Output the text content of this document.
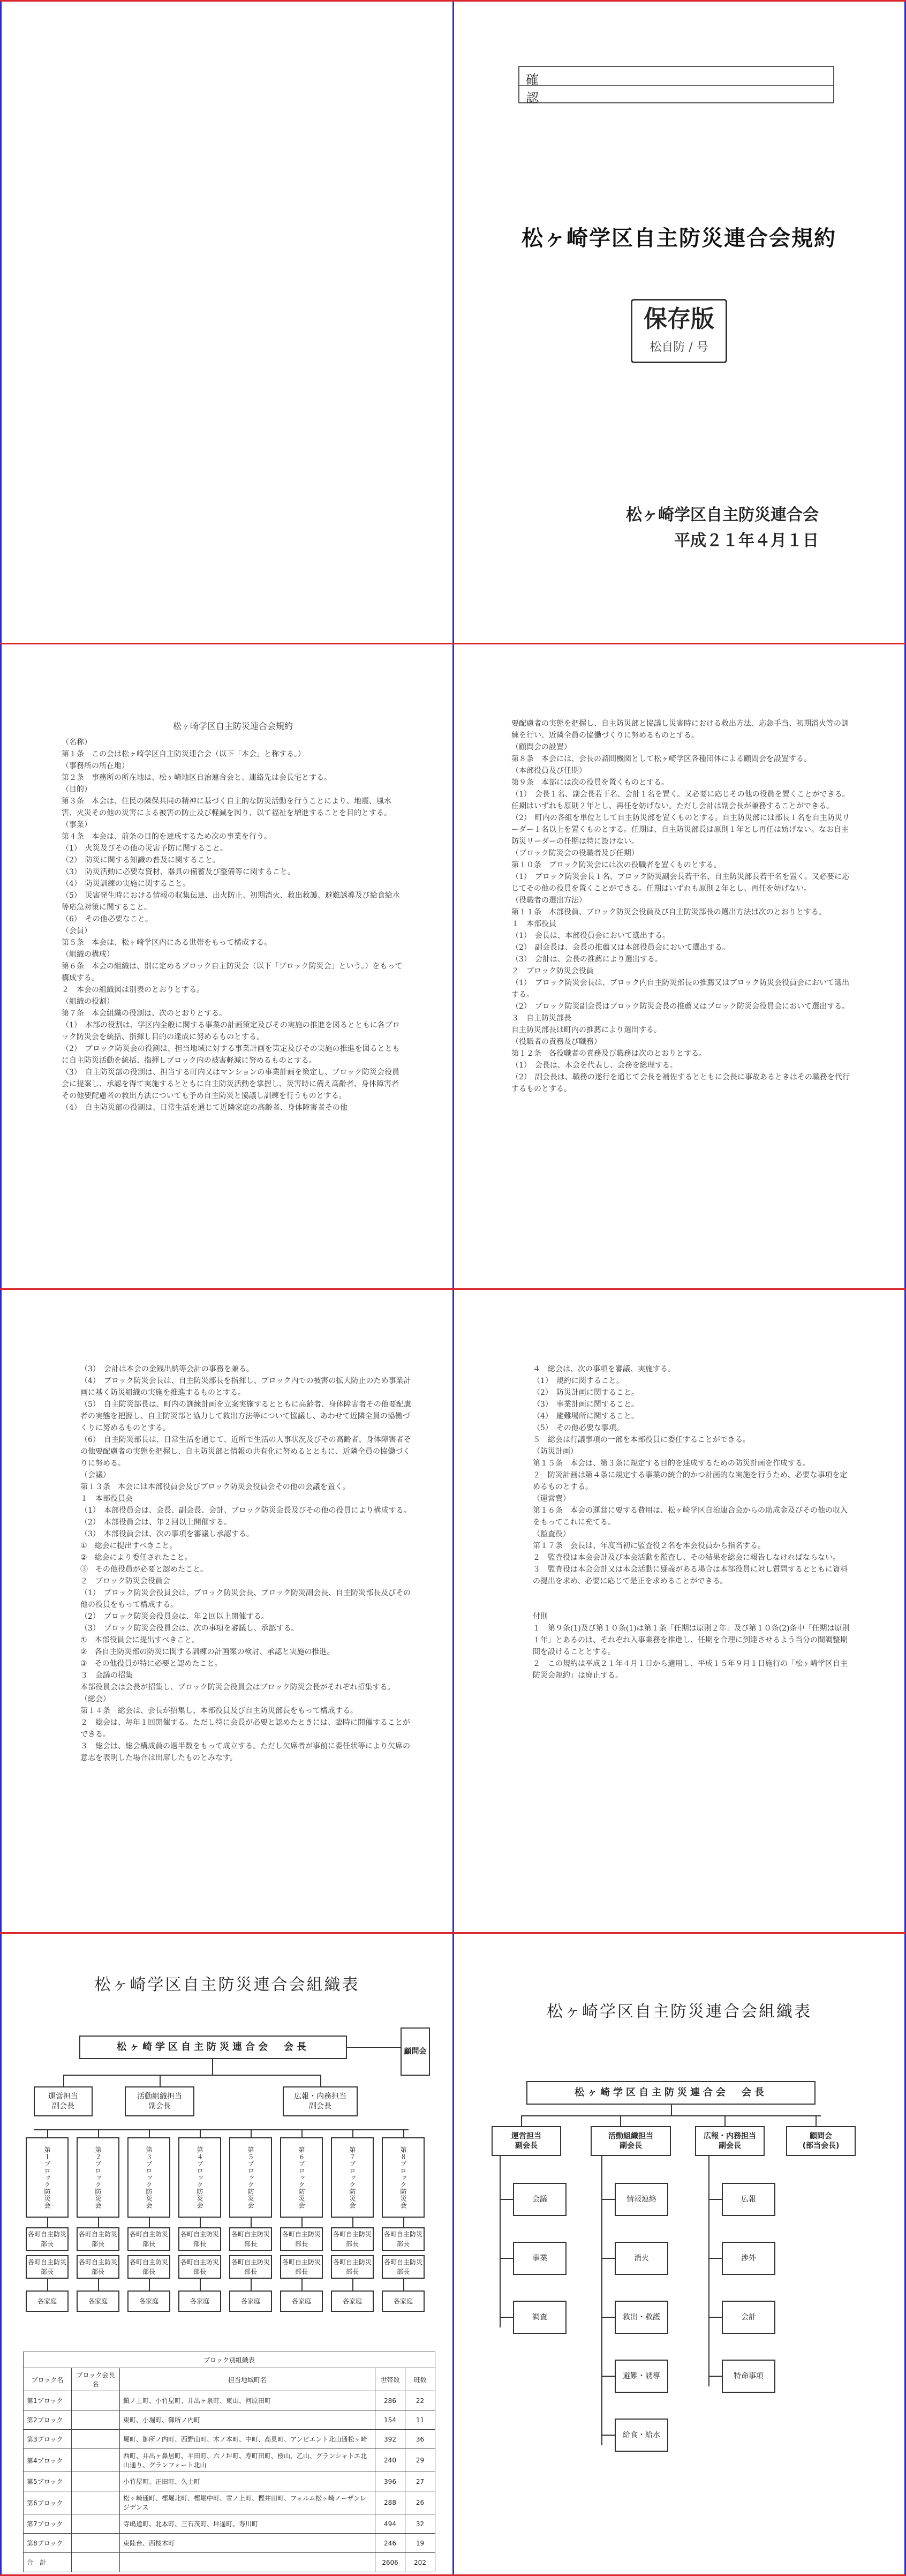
確
認
松ヶ崎学区自主防災連合会規約
保存版
松自防 / 号
松ヶ崎学区自主防災連合会
平成２１年４月１日
松ヶ崎学区自主防災連合会規約

（名称）
第１条　この会は松ヶ崎学区自主防災連合会（以下「本会」と称する。）
（事務所の所在地）
第２条　事務所の所在地は、松ヶ崎地区自治連合会と、連絡先は会長宅とする。
（目的）
第３条　本会は、住民の隣保共同の精神に基づく自主的な防災活動を行うことにより、地震、風水害、火災その他の災害による被害の防止及び軽減を図り、以て福祉を増進することを目的とする。
（事業）
第４条　本会は、前条の目的を達成するため次の事業を行う。
（1）　火災及びその他の災害予防に関すること。
（2）　防災に関する知識の普及に関すること。
（3）　防災活動に必要な資材、器具の備蓄及び整備等に関すること。
（4）　防災訓練の実施に関すること。
（5）　災害発生時における情報の収集伝達、出火防止、初期消火、救出救護、避難誘導及び給食給水等応急対策に関すること。
（6）　その他必要なこと。
（会員）
第５条　本会は、松ヶ崎学区内にある世帯をもって構成する。
（組織の構成）
第６条　本会の組織は、別に定めるブロック自主防災会（以下「ブロック防災会」という。）をもって構成する。
２　本会の組織図は別表のとおりとする。
（組織の役割）
第７条　本会組織の役割は、次のとおりとする。
（1）　本部の役割は、学区内全般に関する事業の計画策定及びその実施の推進を図るとともに各ブロック防災会を統括、指揮し目的の達成に努めるものとする。
（2）　ブロック防災会の役割は、担当地域に対する事業計画を策定及びその実施の推進を図るとともに自主防災活動を統括、指揮しブロック内の被害軽減に努めるものとする。
（3）　自主防災部の役割は、担当する町内又はマンションの事業計画を策定し、ブロック防災会役員会に提案し、承認を得て実施するとともに自主防災活動を掌握し、災害時に備え高齢者、身体障害者その他要配慮者の救出方法についても予め自主防災と協議し訓練を行うものとする。
（4）　自主防災部の役割は、日常生活を通じて近隣家庭の高齢者、身体障害者その他

要配慮者の実態を把握し、自主防災部と協議し災害時における救出方法、応急手当、初期消火等の訓練を行い、近隣全員の協働づくりに努めるものとする。
（顧問会の設置）
第８条　本会には、会長の諮問機関として松ヶ崎学区各種団体による顧問会を設置する。
（本部役員及び任期）
第９条　本部には次の役員を置くものとする。
（1）　会長１名、副会長若干名、会計１名を置く。又必要に応じその他の役員を置くことができる。任期はいずれも原則２年とし、再任を妨げない。ただし会計は副会長が兼務することができる。
（2）　町内の各組を単位として自主防災部を置くものとする。自主防災部には部長１名を自主防災リーダー１名以上を置くものとする。任期は、自主防災部長は原則１年とし再任は妨げない。なお自主防災リーダーの任期は特に設けない。
（ブロック防災会の役職者及び任期）
第１０条　ブロック防災会には次の役職者を置くものとする。
（1）　ブロック防災会長１名、ブロック防災副会長若干名、自主防災部長若干名を置く。又必要に応じてその他の役員を置くことができる。任期はいずれも原則２年とし、再任を妨げない。
（役職者の選出方法）
第１１条　本部役員、ブロック防災会役員及び自主防災部長の選出方法は次のとおりとする。
１　本部役員
（1）　会長は、本部役員会において選出する。
（2）　副会長は、会長の推薦又は本部役員会において選出する。
（3）　会計は、会長の推薦により選出する。
２　ブロック防災会役員
（1）　ブロック防災会長は、ブロック内自主防災部長の推薦又はブロック防災会役員会において選出する。
（2）　ブロック防災副会長はブロック防災会長の推薦又はブロック防災会役員会において選出する。
３　自主防災部長
自主防災部長は町内の推薦により選出する。
（役職者の責務及び職務）
第１２条　各役職者の責務及び職務は次のとおりとする。
（1）　会長は、本会を代表し、会務を総理する。
（2）　副会長は、職務の遂行を通じて会長を補佐するとともに会長に事故あるときはその職務を代行するものとする。

（3）　会計は本会の金銭出納等会計の事務を兼る。
（4）　ブロック防災会長は、自主防災部長を指揮し、ブロック内での被害の拡大防止のため事業計画に基く防災組織の実施を推進するものとする。
（5）　自主防災部長は、町内の訓練計画を立案実施するとともに高齢者、身体障害者その他要配慮者の実態を把握し、自主防災部と協力して救出方法等について協議し、あわせて近隣全員の協働づくりに努めるものとする。
（6）　自主防災部長は、日常生活を通じて、近所で生活の人事状況及びその高齢者、身体障害者その他要配慮者の実態を把握し、自主防災部と情報の共有化に努めるとともに、近隣全員の協働づくりに努める。
（会議）
第１３条　本会には本部役員会及びブロック防災会役員会その他の会議を置く。
１　本部役員会
（1）　本部役員会は、会長、副会長、会計、ブロック防災会長及びその他の役員により構成する。
（2）　本部役員会は、年２回以上開催する。
（3）　本部役員会は、次の事項を審議し承認する。
①　総会に提出すべきこと。
②　総会により委任されたこと。
③　その他役員が必要と認めたこと。
２　ブロック防災会役員会
（1）　ブロック防災会役員会は、ブロック防災会長、ブロック防災副会長、自主防災部長及びその他の役員をもって構成する。
（2）　ブロック防災会役員会は、年２回以上開催する。
（3）　ブロック防災会役員会は、次の事項を審議し、承認する。
①　本部役員会に提出すべきこと。
②　各自主防災部の防災に関する訓練の計画案の検討、承認と実施の推進。
③　その他役員が特に必要と認めたこと。
３　会議の招集
本部役員会は会長が招集し、ブロック防災会役員会はブロック防災会長がそれぞれ招集する。
（総会）
第１４条　総会は、会長が招集し、本部役員及び自主防災部長をもって構成する。
２　総会は、毎年１回開催する。ただし特に会長が必要と認めたときには、臨時に開催することができる。
３　総会は、総会構成員の過半数をもって成立する。ただし欠席者が事前に委任状等により欠席の意志を表明した場合は出席したものとみなす。

４　総会は、次の事項を審議、実施する。
（1）　規約に関すること。
（2）　防災計画に関すること。
（3）　事業計画に関すること。
（4）　避難場所に関すること。
（5）　その他必要な事項。
５　総会は行議事項の一部を本部役員に委任することができる。
（防災計画）
第１５条　本会は、第３条に規定する目的を達成するための防災計画を作成する。
２　防災計画は第４条に規定する事業の統合的かつ計画的な実施を行うため、必要な事項を定めるものとする。
（運営費）
第１６条　本会の運営に要する費用は、松ヶ崎学区自治連合会からの助成金及びその他の収入をもってこれに充てる。
（監査役）
第１７条　会長は、年度当初に監査役２名を本会役員から指名する。
２　監査役は本会会計及び本会活動を監査し、その結果を総会に報告しなければならない。
３　監査役は本会会計又は本会活動に疑義がある場合は本部役員に対し質問するとともに資料の提出を求め、必要に応じて是正を求めることができる。

付則
１　第９条(1)及び第１０条(1)は第１条「任期は原則２年」及び第１０条(2)条中「任期は原則１年」とあるのは、それぞれ入事業務を推進し、任期を合理に到達させるよう当分の間調整期間を設けることとする。
２　この規約は平成２１年４月１日から適用し、平成１５年９月１日施行の「松ヶ崎学区自主防災会規約」は廃止する。

松ヶ崎学区自主防災連合会組織表
松ヶ崎学区自主防災連合会　会長	顧問会
運営担当
副会長
活動組織担当
副会長
広報・内務担当
副会長
第１ブロック防災会
各町自主防災部長
各町自主防災部長
各家庭
第２ブロック防災会
各町自主防災部長
各町自主防災部長
各家庭
第３ブロック防災会
各町自主防災部長
各町自主防災部長
各家庭
第４ブロック防災会
各町自主防災部長
各町自主防災部長
各家庭
第５ブロック防災会
各町自主防災部長
各町自主防災部長
各家庭
第６ブロック防災会
各町自主防災部長
各町自主防災部長
各家庭
第７ブロック防災会
各町自主防災部長
各町自主防災部長
各家庭
第８ブロック防災会
各町自主防災部長
各町自主防災部長
各家庭
ブロック別組織表				
ブロック名	ブロック会長名	担当地域町名	世帯数	班数
第1ブロック		鎮ノ上町、小竹屋町、井出ヶ泉町、東山、河原田町	286	22
第2ブロック		東町、小堀町、御所ノ内町	154	11
第3ブロック		堀町、御所ノ内町、西野山町、木ノ本町、中町、高見町、アンビエント北山通松ヶ崎	392	36
第4ブロック		西町、井出ヶ鼻居町、平田町、六ノ坪町、寿町田町、桜山、乙山、グランシャトエ北山通り、グランフォート北山	240	29
第5ブロック		小竹屋町、正田町、久土町	396	27
第6ブロック		松ヶ崎通町、樫堀北町、樫堀中町、雪ノ上町、樫井田町、フォルム松ヶ崎ノーザンレジデンス	288	26
第7ブロック		寺嶋道町、北本町、三石茂町、坪遥町、寿川町	494	32
第8ブロック		東陸台、西桜木町	246	19
合　計			2606	202
松ヶ崎学区自主防災連合会組織表
松ヶ崎学区自主防災連合会　会長
運営担当
副会長
活動組織担当
副会長
広報・内務担当
副会長
顧問会
(部当会長)
会議
事業
調査
情報連絡
消火
救出・救護
避難・誘導
給食・給水
広報
渉外
会計
特命事項
